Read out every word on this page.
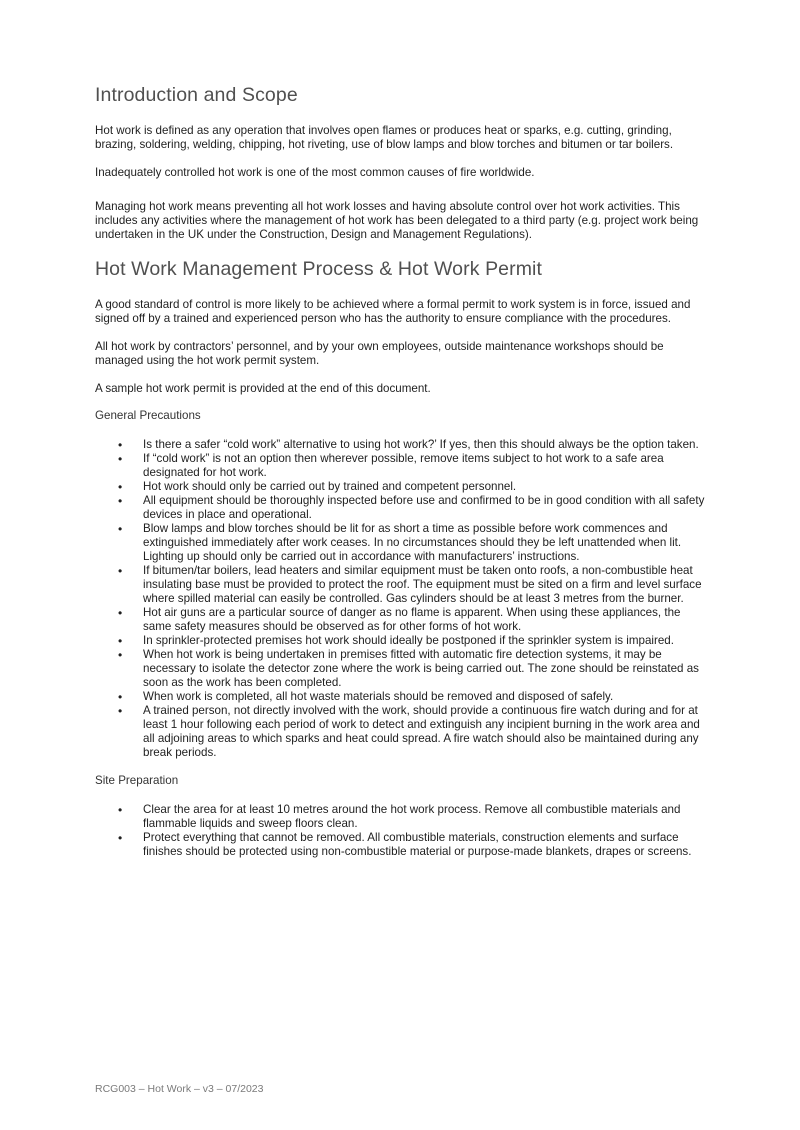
Introduction and Scope

Hot work is defined as any operation that involves open flames or produces heat or sparks, e.g. cutting, grinding, brazing, soldering, welding, chipping, hot riveting, use of blow lamps and blow torches and bitumen or tar boilers.

Inadequately controlled hot work is one of the most common causes of fire worldwide.

Managing hot work means preventing all hot work losses and having absolute control over hot work activities. This includes any activities where the management of hot work has been delegated to a third party (e.g. project work being undertaken in the UK under the Construction, Design and Management Regulations).

Hot Work Management Process & Hot Work Permit

A good standard of control is more likely to be achieved where a formal permit to work system is in force, issued and signed off by a trained and experienced person who has the authority to ensure compliance with the procedures.

All hot work by contractors’ personnel, and by your own employees, outside maintenance workshops should be managed using the hot work permit system.

A sample hot work permit is provided at the end of this document.

General Precautions
• Is there a safer “cold work” alternative to using hot work?’ If yes, then this should always be the option taken.
• If “cold work” is not an option then wherever possible, remove items subject to hot work to a safe area designated for hot work.
• Hot work should only be carried out by trained and competent personnel.
• All equipment should be thoroughly inspected before use and confirmed to be in good condition with all safety devices in place and operational.
• Blow lamps and blow torches should be lit for as short a time as possible before work commences and extinguished immediately after work ceases. In no circumstances should they be left unattended when lit. Lighting up should only be carried out in accordance with manufacturers’ instructions.
• If bitumen/tar boilers, lead heaters and similar equipment must be taken onto roofs, a non-combustible heat insulating base must be provided to protect the roof. The equipment must be sited on a firm and level surface where spilled material can easily be controlled. Gas cylinders should be at least 3 metres from the burner.
• Hot air guns are a particular source of danger as no flame is apparent. When using these appliances, the same safety measures should be observed as for other forms of hot work.
• In sprinkler-protected premises hot work should ideally be postponed if the sprinkler system is impaired.
• When hot work is being undertaken in premises fitted with automatic fire detection systems, it may be necessary to isolate the detector zone where the work is being carried out. The zone should be reinstated as soon as the work has been completed.
• When work is completed, all hot waste materials should be removed and disposed of safely.
• A trained person, not directly involved with the work, should provide a continuous fire watch during and for at least 1 hour following each period of work to detect and extinguish any incipient burning in the work area and all adjoining areas to which sparks and heat could spread. A fire watch should also be maintained during any break periods.
Site Preparation
• Clear the area for at least 10 metres around the hot work process. Remove all combustible materials and flammable liquids and sweep floors clean.
• Protect everything that cannot be removed. All combustible materials, construction elements and surface finishes should be protected using non-combustible material or purpose-made blankets, drapes or screens.
RCG003 – Hot Work – v3 – 07/2023
